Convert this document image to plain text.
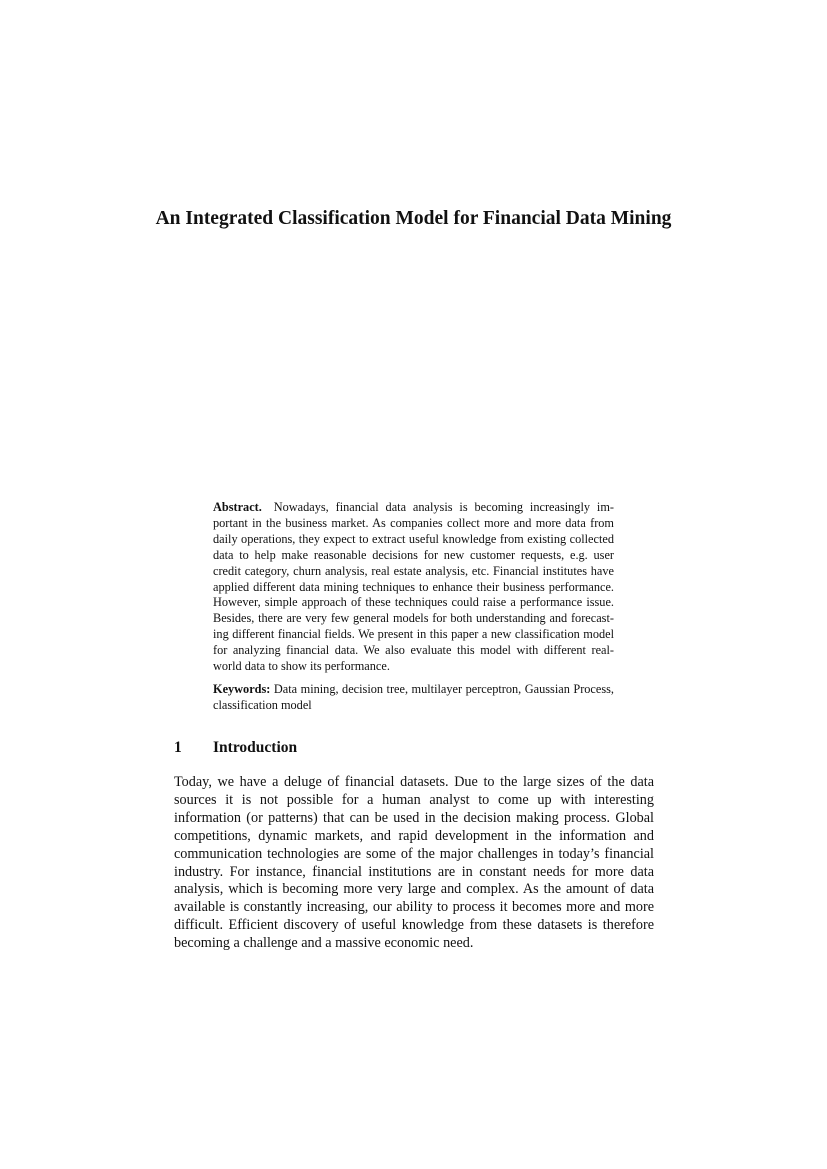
An Integrated Classification Model for Financial Data Mining

Abstract. Nowadays, financial data analysis is becoming increasingly important in the business market. As companies collect more and more data from daily operations, they expect to extract useful knowledge from existing collected data to help make reasonable decisions for new customer requests, e.g. user credit category, churn analysis, real estate analysis, etc. Financial institutes have applied different data mining techniques to enhance their business performance. However, simple approach of these techniques could raise a performance issue. Besides, there are very few general models for both understanding and forecasting different financial fields. We present in this paper a new classification model for analyzing financial data. We also evaluate this model with different real-world data to show its performance.

Keywords: Data mining, decision tree, multilayer perceptron, Gaussian Process, classification model

1	Introduction

Today, we have a deluge of financial datasets. Due to the large sizes of the data sources it is not possible for a human analyst to come up with interesting information (or patterns) that can be used in the decision making process. Global competitions, dynamic markets, and rapid development in the information and communication technologies are some of the major challenges in today’s financial industry. For instance, financial institutions are in constant needs for more data analysis, which is becoming more very large and complex. As the amount of data available is constantly increasing, our ability to process it becomes more and more difficult. Efficient discovery of useful knowledge from these datasets is therefore becoming a challenge and a massive economic need.
